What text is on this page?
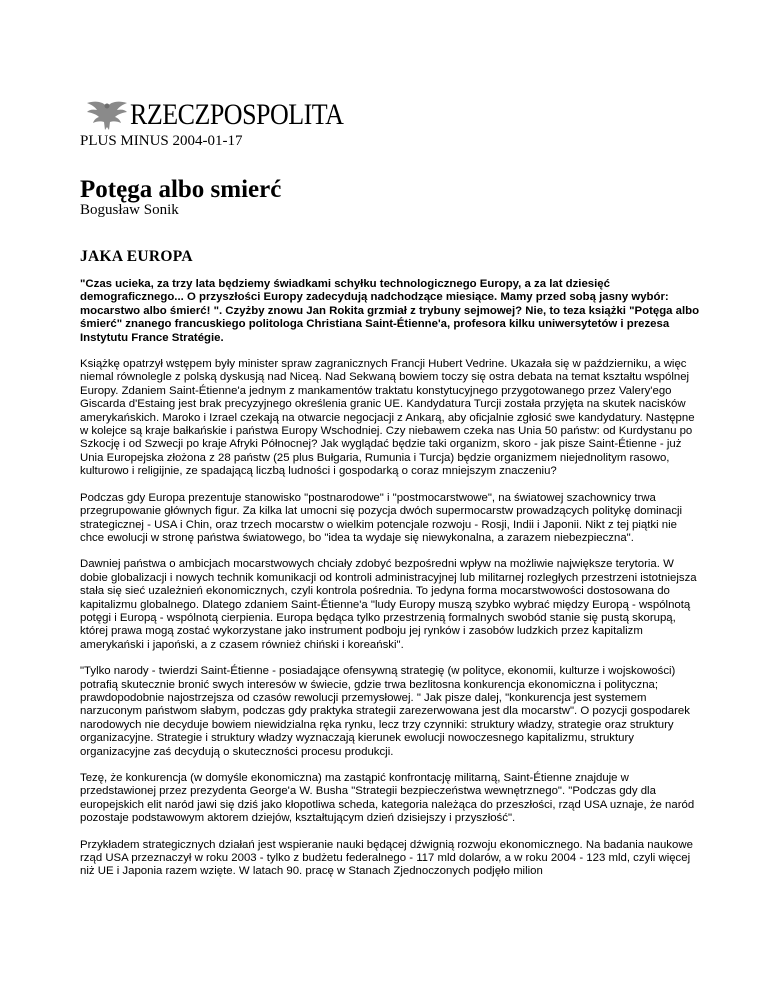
RZECZPOSPOLITA
PLUS MINUS 2004-01-17
Potęga albo smierć
Bogusław Sonik
JAKA EUROPA

"Czas ucieka, za trzy lata będziemy świadkami schyłku technologicznego Europy, a za lat dziesięć demograficznego... O przyszłości Europy zadecydują nadchodzące miesiące. Mamy przed sobą jasny wybór: mocarstwo albo śmierć! ". Czyżby znowu Jan Rokita grzmiał z trybuny sejmowej? Nie, to teza książki "Potęga albo śmierć" znanego francuskiego politologa Christiana Saint-Étienne'a, profesora kilku uniwersytetów i prezesa Instytutu France Stratégie.

Książkę opatrzył wstępem były minister spraw zagranicznych Francji Hubert Vedrine. Ukazała się w październiku, a więc niemal równolegle z polską dyskusją nad Niceą. Nad Sekwaną bowiem toczy się ostra debata na temat kształtu wspólnej Europy. Zdaniem Saint-Étienne'a jednym z mankamentów traktatu konstytucyjnego przygotowanego przez Valery'ego Giscarda d'Estaing jest brak precyzyjnego określenia granic UE. Kandydatura Turcji została przyjęta na skutek nacisków amerykańskich. Maroko i Izrael czekają na otwarcie negocjacji z Ankarą, aby oficjalnie zgłosić swe kandydatury. Następne w kolejce są kraje bałkańskie i państwa Europy Wschodniej. Czy niebawem czeka nas Unia 50 państw: od Kurdystanu po Szkocję i od Szwecji po kraje Afryki Północnej? Jak wyglądać będzie taki organizm, skoro - jak pisze Saint-Étienne - już Unia Europejska złożona z 28 państw (25 plus Bułgaria, Rumunia i Turcja) będzie organizmem niejednolitym rasowo, kulturowo i religijnie, ze spadającą liczbą ludności i gospodarką o coraz mniejszym znaczeniu?

Podczas gdy Europa prezentuje stanowisko "postnarodowe" i "postmocarstwowe", na światowej szachownicy trwa przegrupowanie głównych figur. Za kilka lat umocni się pozycja dwóch supermocarstw prowadzących politykę dominacji strategicznej - USA i Chin, oraz trzech mocarstw o wielkim potencjale rozwoju - Rosji, Indii i Japonii. Nikt z tej piątki nie chce ewolucji w stronę państwa światowego, bo "idea ta wydaje się niewykonalna, a zarazem niebezpieczna".

Dawniej państwa o ambicjach mocarstwowych chciały zdobyć bezpośredni wpływ na możliwie największe terytoria. W dobie globalizacji i nowych technik komunikacji od kontroli administracyjnej lub militarnej rozległych przestrzeni istotniejsza stała się sieć uzależnień ekonomicznych, czyli kontrola pośrednia. To jedyna forma mocarstwowości dostosowana do kapitalizmu globalnego. Dlatego zdaniem Saint-Étienne'a "ludy Europy muszą szybko wybrać między Europą - wspólnotą potęgi i Europą - wspólnotą cierpienia. Europa będąca tylko przestrzenią formalnych swobód stanie się pustą skorupą, której prawa mogą zostać wykorzystane jako instrument podboju jej rynków i zasobów ludzkich przez kapitalizm amerykański i japoński, a z czasem również chiński i koreański".

"Tylko narody - twierdzi Saint-Étienne - posiadające ofensywną strategię (w polityce, ekonomii, kulturze i wojskowości) potrafią skutecznie bronić swych interesów w świecie, gdzie trwa bezlitosna konkurencja ekonomiczna i polityczna; prawdopodobnie najostrzejsza od czasów rewolucji przemysłowej. " Jak pisze dalej, "konkurencja jest systemem narzuconym państwom słabym, podczas gdy praktyka strategii zarezerwowana jest dla mocarstw". O pozycji gospodarek narodowych nie decyduje bowiem niewidzialna ręka rynku, lecz trzy czynniki: struktury władzy, strategie oraz struktury organizacyjne. Strategie i struktury władzy wyznaczają kierunek ewolucji nowoczesnego kapitalizmu, struktury organizacyjne zaś decydują o skuteczności procesu produkcji.

Tezę, że konkurencja (w domyśle ekonomiczna) ma zastąpić konfrontację militarną, Saint-Étienne znajduje w przedstawionej przez prezydenta George'a W. Busha "Strategii bezpieczeństwa wewnętrznego". "Podczas gdy dla europejskich elit naród jawi się dziś jako kłopotliwa scheda, kategoria należąca do przeszłości, rząd USA uznaje, że naród pozostaje podstawowym aktorem dziejów, kształtującym dzień dzisiejszy i przyszłość".

Przykładem strategicznych działań jest wspieranie nauki będącej dźwignią rozwoju ekonomicznego. Na badania naukowe rząd USA przeznaczył w roku 2003 - tylko z budżetu federalnego - 117 mld dolarów, a w roku 2004 - 123 mld, czyli więcej niż UE i Japonia razem wzięte. W latach 90. pracę w Stanach Zjednoczonych podjęło milion
